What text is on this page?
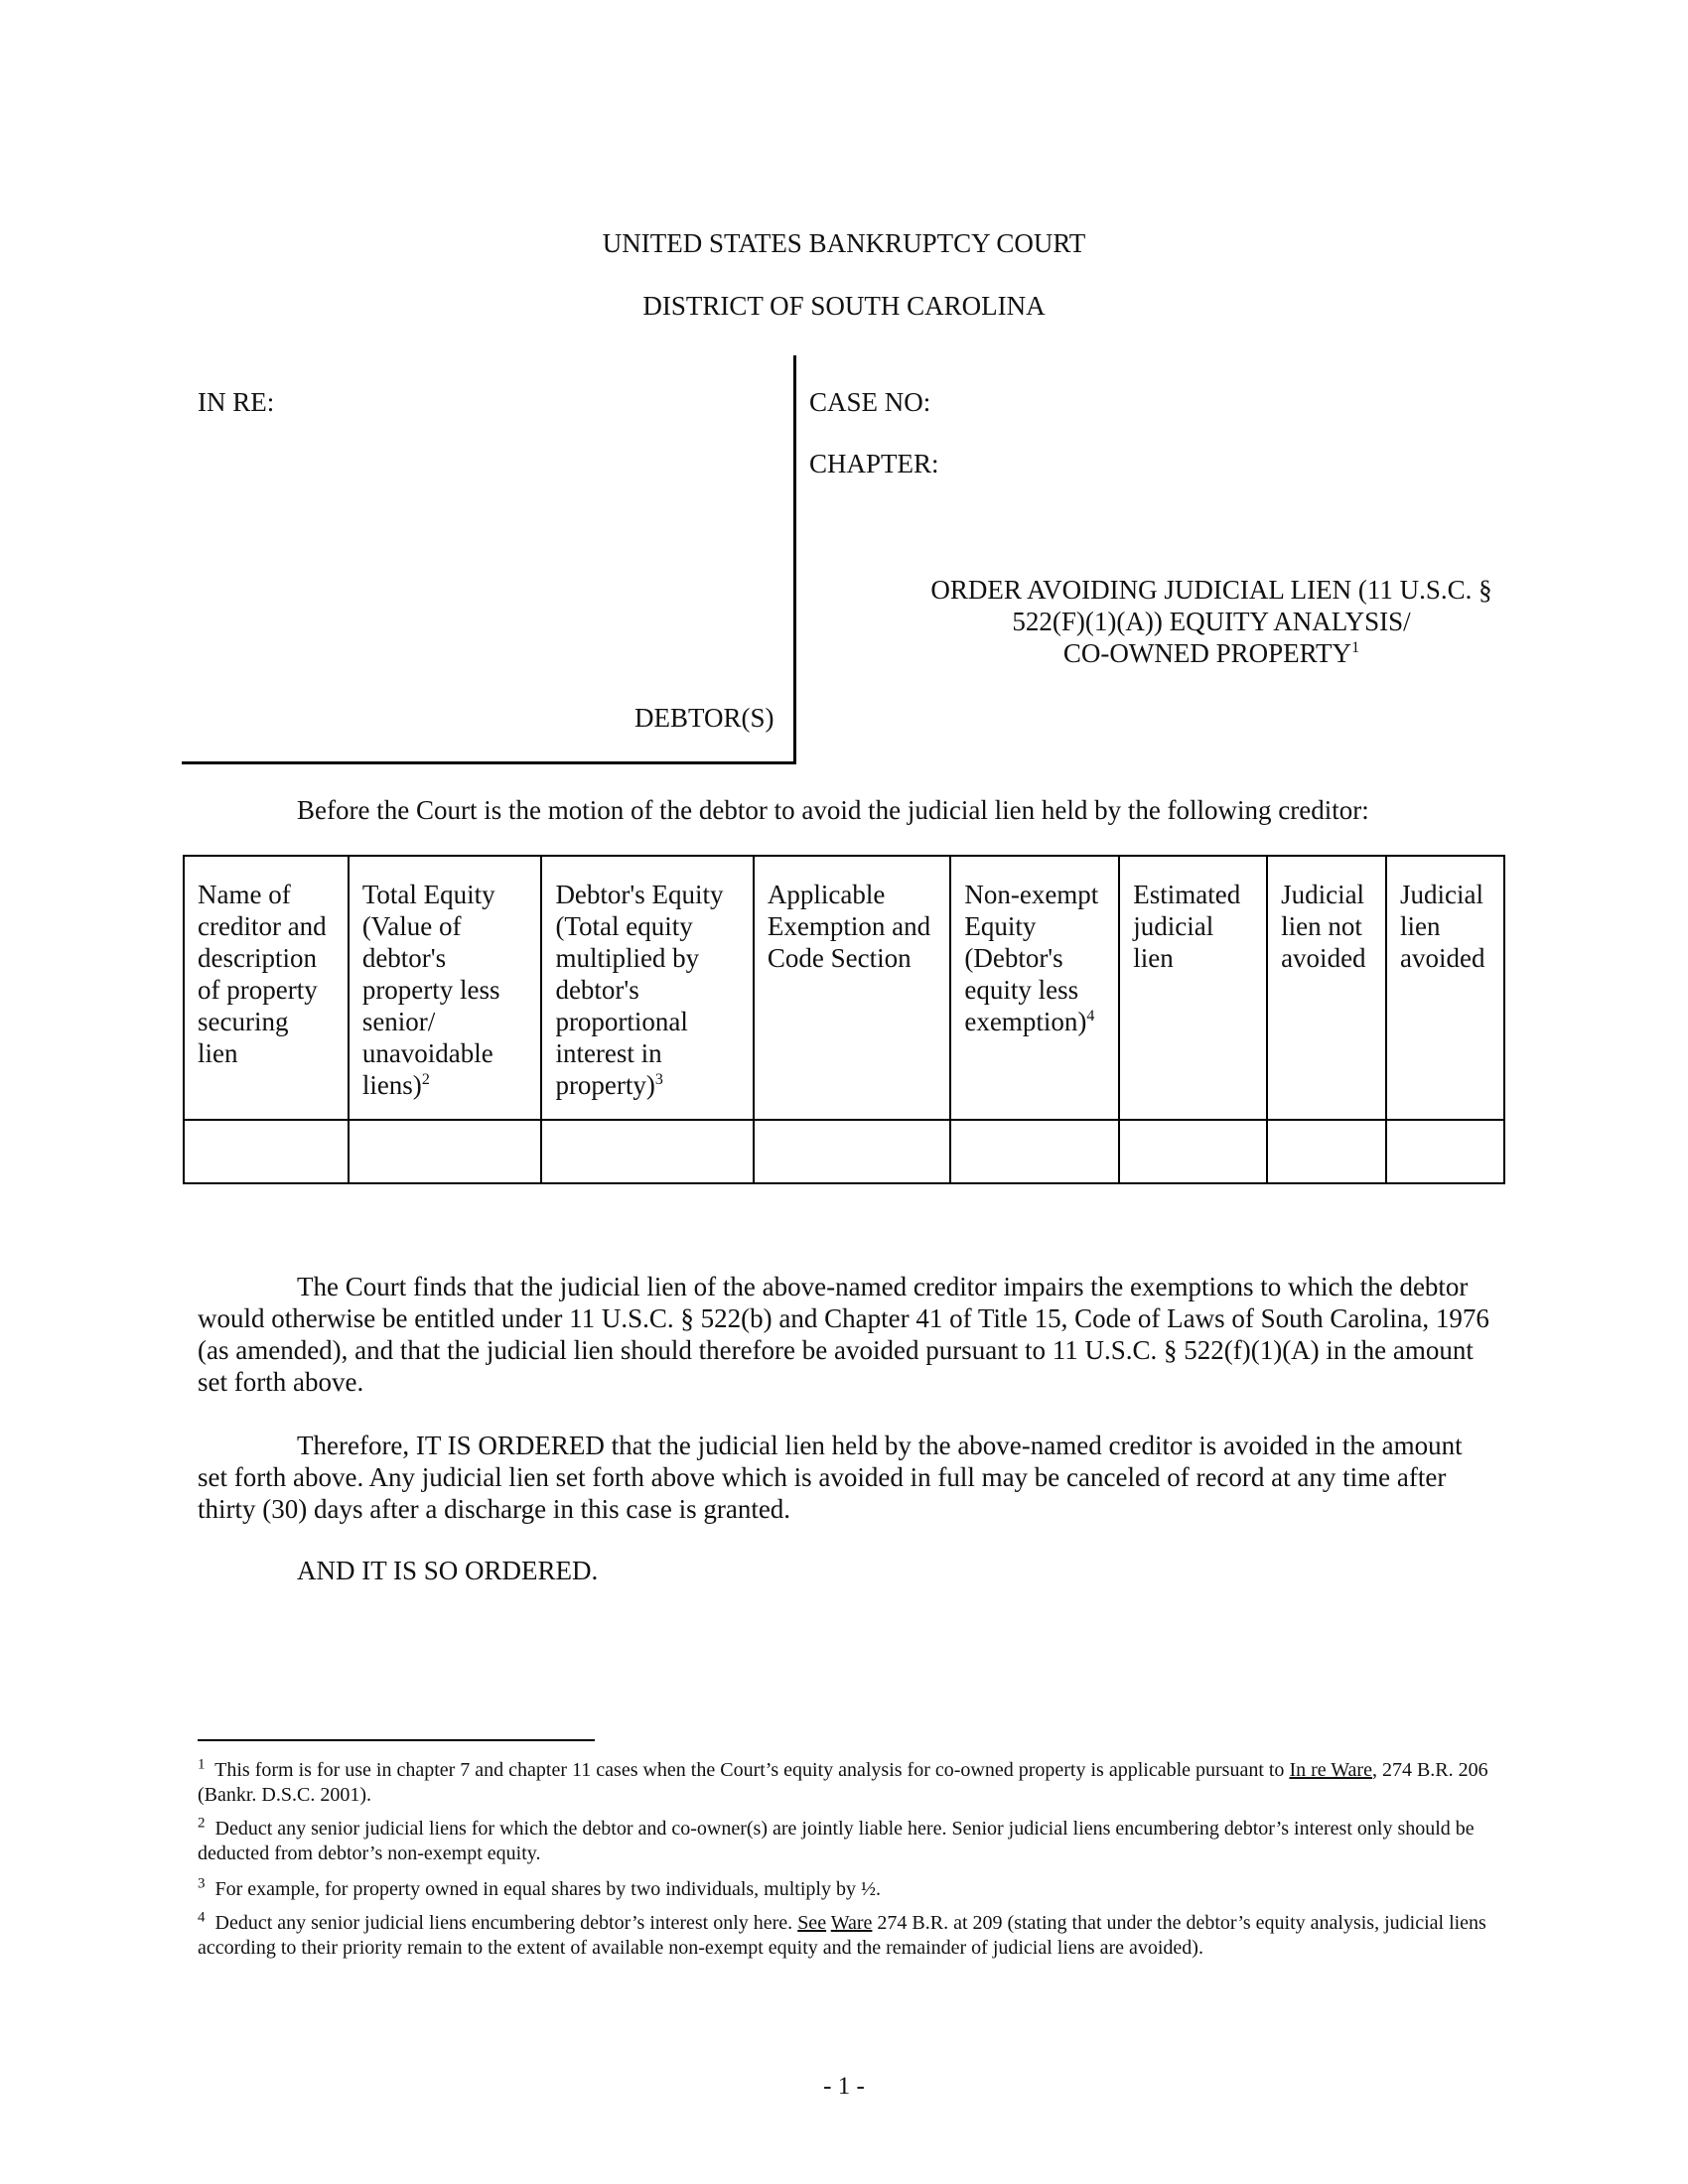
UNITED STATES BANKRUPTCY COURT
DISTRICT OF SOUTH CAROLINA
IN RE:	CASE NO:
CHAPTER:
ORDER AVOIDING JUDICIAL LIEN (11 U.S.C. §
522(F)(1)(A)) EQUITY ANALYSIS/
CO-OWNED PROPERTY$^1$
DEBTOR(S)
Before the Court is the motion of the debtor to avoid the judicial lien held by the following creditor:
Name of creditor and description of property securing lien	Total Equity (Value of debtor's property less senior/ unavoidable liens)$^2$	Debtor's Equity (Total equity multiplied by debtor's proportional interest in property)$^3$	Applicable Exemption and Code Section	Non-exempt Equity (Debtor's equity less exemption)$^4$	Estimated judicial lien	Judicial lien not avoided	Judicial lien avoided

The Court finds that the judicial lien of the above-named creditor impairs the exemptions to which the debtor would otherwise be entitled under 11 U.S.C. § 522(b) and Chapter 41 of Title 15, Code of Laws of South Carolina, 1976 (as amended), and that the judicial lien should therefore be avoided pursuant to 11 U.S.C. § 522(f)(1)(A) in the amount set forth above.
Therefore, IT IS ORDERED that the judicial lien held by the above-named creditor is avoided in the amount set forth above. Any judicial lien set forth above which is avoided in full may be canceled of record at any time after thirty (30) days after a discharge in this case is granted.
AND IT IS SO ORDERED.
$^1$ This form is for use in chapter 7 and chapter 11 cases when the Court’s equity analysis for co-owned property is applicable pursuant to In re Ware, 274 B.R. 206 (Bankr. D.S.C. 2001).
$^2$ Deduct any senior judicial liens for which the debtor and co-owner(s) are jointly liable here. Senior judicial liens encumbering debtor’s interest only should be deducted from debtor’s non-exempt equity.
$^3$ For example, for property owned in equal shares by two individuals, multiply by ½.
$^4$ Deduct any senior judicial liens encumbering debtor’s interest only here. See Ware 274 B.R. at 209 (stating that under the debtor’s equity analysis, judicial liens according to their priority remain to the extent of available non-exempt equity and the remainder of judicial liens are avoided).
- 1 -
